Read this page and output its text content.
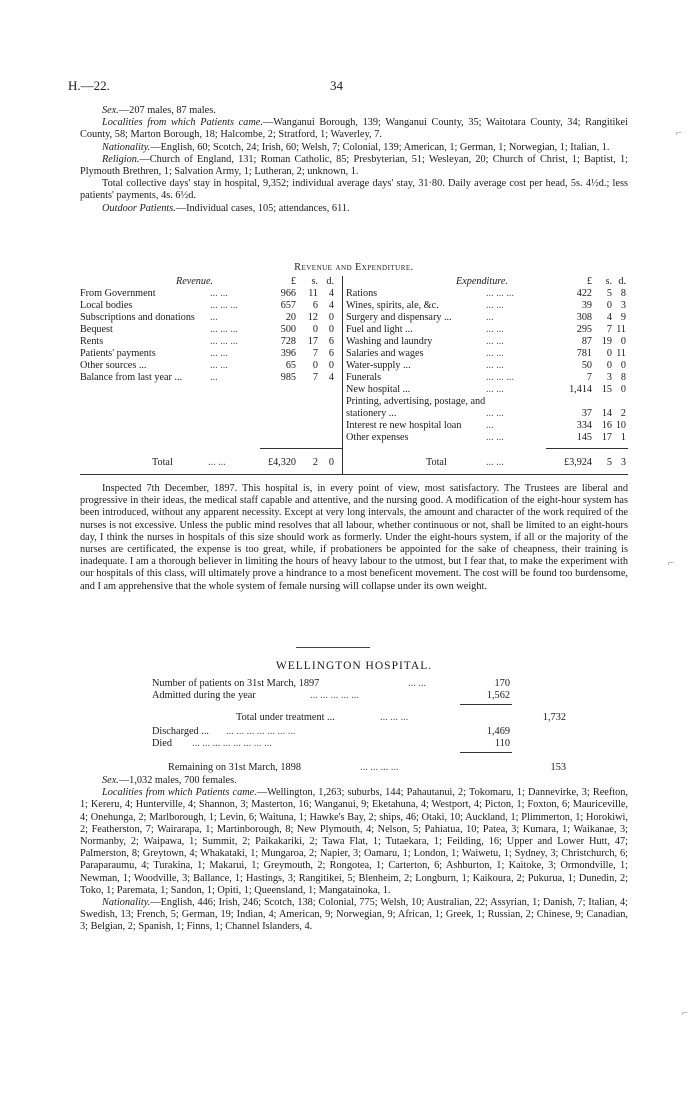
H.—22.	34

Sex.—207 males, 87 males.

Localities from which Patients came.—Wanganui Borough, 139; Wanganui County, 35; Waitotara County, 34; Rangitikei County, 58; Marton Borough, 18; Halcombe, 2; Stratford, 1; Waverley, 7.

Nationality.—English, 60; Scotch, 24; Irish, 60; Welsh, 7; Colonial, 139; American, 1; German, 1; Norwegian, 1; Italian, 1.

Religion.—Church of England, 131; Roman Catholic, 85; Presbyterian, 51; Wesleyan, 20; Church of Christ, 1; Baptist, 1; Plymouth Brethren, 1; Salvation Army, 1; Lutheran, 2; unknown, 1.

Total collective days' stay in hospital, 9,352; individual average days' stay, 31·80. Daily average cost per head, 5s. 4½d.; less patients' payments, 4s. 6½d.

Outdoor Patients.—Individual cases, 105; attendances, 611.

Revenue and Expenditure.
Revenue.	£	s. d.
From Government	... ...	966	11	4
Local bodies	... ... ...	657	6	4
Subscriptions and donations	...	20	12	0
Bequest	... ... ...	500	0	0
Rents	... ... ...	728	17	6
Patients' payments	... ...	396	7	6
Other sources ...	... ...	65	0	0
Balance from last year ...	...	985	7	4
Expenditure.	£	s. d.
Rations	... ... ...	422	5 8
Wines, spirits, ale, &c.	... ...	39	0 3
Surgery and dispensary ...	...	308	4 9
Fuel and light ...	... ...	295	7 11
Washing and laundry	... ...	87 19 0
Salaries and wages	... ...	781	0 11
Water-supply ...	... ...	50	0 0
Funerals	... ... ...	7	3 8
New hospital ...	... ...	1,414 15 0
Printing, advertising, postage, and
stationery ...	... ...	37 14 2
Interest re new hospital loan ...	334 16 10
Other expenses	... ...	145 17 1
Total	... ...	£4,320	2	0	Total	... ...	£3,924	5 3

Inspected 7th December, 1897. This hospital is, in every point of view, most satisfactory. The Trustees are liberal and progressive in their ideas, the medical staff capable and attentive, and the nursing good. A modification of the eight-hour system has been introduced, without any apparent necessity. Except at very long intervals, the amount and character of the work required of the nurses is not excessive. Unless the public mind resolves that all labour, whether continuous or not, shall be limited to an eight-hours day, I think the nurses in hospitals of this size should work as formerly. Under the eight-hours system, if all or the majority of the nurses are certificated, the expense is too great, while, if probationers be appointed for the sake of cheapness, their training is inadequate. I am a thorough believer in limiting the hours of heavy labour to the utmost, but I fear that, to make the experiment with our hospitals of this class, will ultimately prove a hindrance to a most beneficent movement. The cost will be found too burdensome, and I am apprehensive that the whole system of female nursing will collapse under its own weight.

WELLINGTON HOSPITAL.
Number of patients on 31st March, 1897	... ...	170
Admitted during the year	... ... ... ... ...	1,562
Total under treatment ...	... ... ...	1,732
Discharged ... ... ... ... ... ... ... ...	1,469
Died ... ... ... ... ... ... ... ...	110
Remaining on 31st March, 1898	... ... ... ...	153

Sex.—1,032 males, 700 females.

Localities from which Patients came.—Wellington, 1,263; suburbs, 144; Pahautanui, 2; Tokomaru, 1; Dannevirke, 3; Reefton, 1; Kereru, 4; Hunterville, 4; Shannon, 3; Masterton, 16; Wanganui, 9; Eketahuna, 4; Westport, 4; Picton, 1; Foxton, 6; Mauriceville, 4; Onehunga, 2; Marlborough, 1; Levin, 6; Waituna, 1; Hawke's Bay, 2; ships, 46; Otaki, 10; Auckland, 1; Plimmerton, 1; Horokiwi, 2; Featherston, 7; Wairarapa, 1; Martinborough, 8; New Plymouth, 4; Nelson, 5; Pahiatua, 10; Patea, 3; Kumara, 1; Waikanae, 3; Normanby, 2; Waipawa, 1; Summit, 2; Paikakariki, 2; Tawa Flat, 1; Tutaekara, 1; Feilding, 16; Upper and Lower Hutt, 47; Palmerston, 8; Greytown, 4; Whakataki, 1; Mungaroa, 2; Napier, 3; Oamaru, 1; London, 1; Waiwetu, 1; Sydney, 3; Christchurch, 6; Paraparaumu, 4; Turakina, 1; Makarui, 1; Greymouth, 2; Rongotea, 1; Carterton, 6; Ashburton, 1; Kaitoke, 3; Ormondville, 1; Newman, 1; Woodville, 3; Ballance, 1; Hastings, 3; Rangitikei, 5; Blenheim, 2; Longburn, 1; Kaikoura, 2; Pukurua, 1; Dunedin, 2; Toko, 1; Paremata, 1; Sandon, 1; Opiti, 1; Queensland, 1; Mangatainoka, 1.

Nationality.—English, 446; Irish, 246; Scotch, 138; Colonial, 775; Welsh, 10; Australian, 22; Assyrian, 1; Danish, 7; Italian, 4; Swedish, 13; French, 5; German, 19; Indian, 4; American, 9; Norwegian, 9; African, 1; Greek, 1; Russian, 2; Chinese, 9; Canadian, 3; Belgian, 2; Spanish, 1; Finns, 1; Channel Islanders, 4.

⌐
⌐
⌐
